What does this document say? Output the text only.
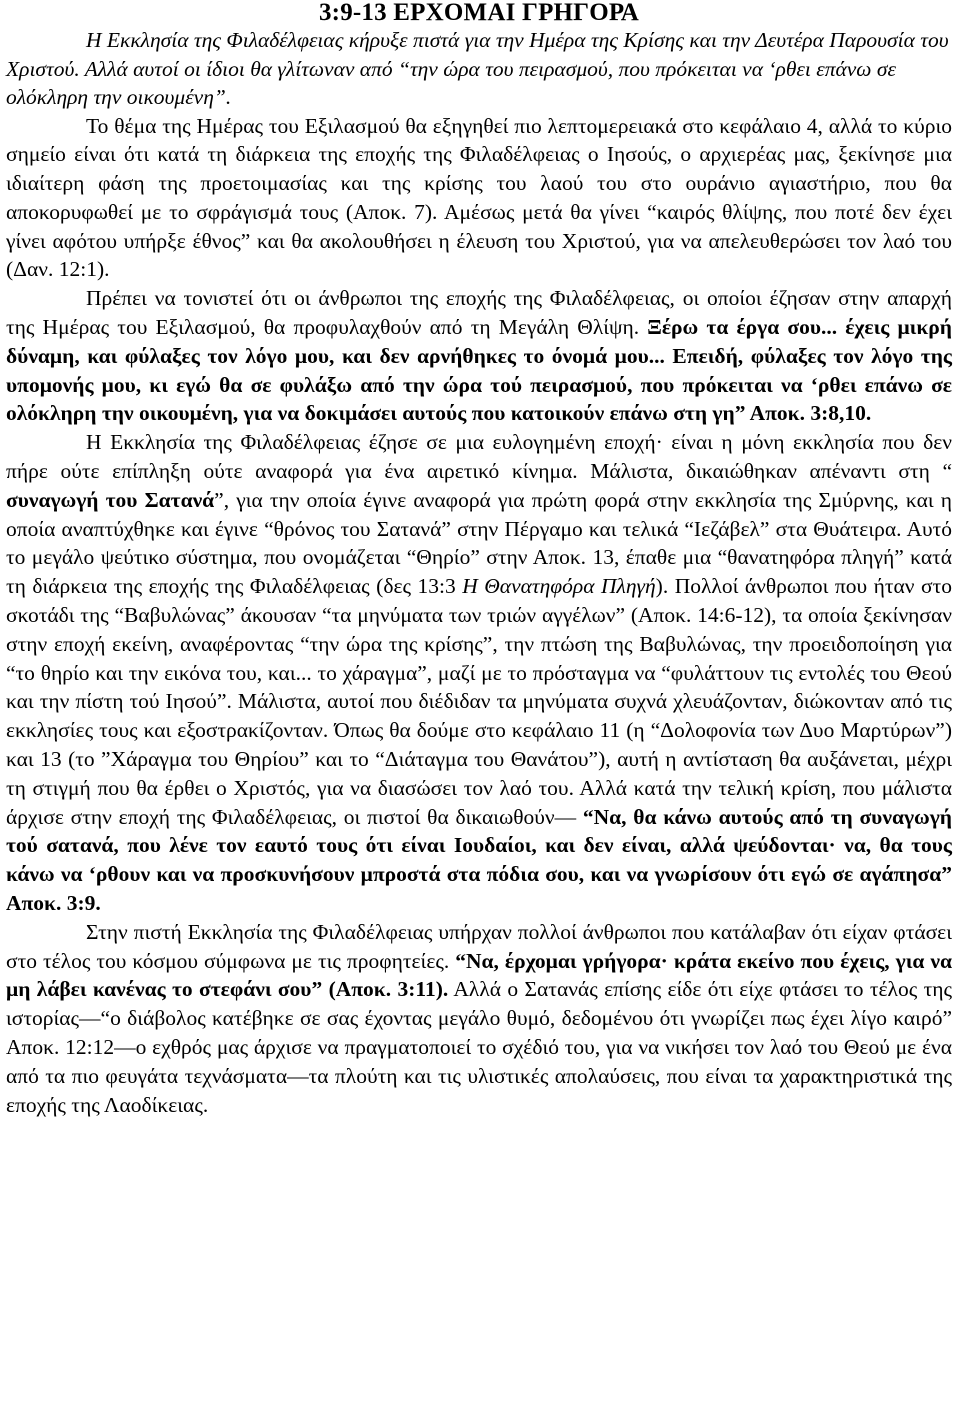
3:9-13 ΕΡΧΟΜΑΙ ΓΡΗΓΟΡΑ

Η Εκκλησία της Φιλαδέλφειας κήρυξε πιστά για την Ημέρα της Κρίσης και την Δευτέρα Παρουσία του Χριστού. Αλλά αυτοί οι ίδιοι θα γλίτωναν από “την ώρα του πειρασμού, που πρόκειται να ‘ρθει επάνω σε ολόκληρη την οικουμένη”.

Το θέμα της Ημέρας του Εξιλασμού θα εξηγηθεί πιο λεπτομερειακά στο κεφάλαιο 4, αλλά το κύριο σημείο είναι ότι κατά τη διάρκεια της εποχής της Φιλαδέλφειας ο Ιησούς, ο αρχιερέας μας, ξεκίνησε μια ιδιαίτερη φάση της προετοιμασίας και της κρίσης του λαού του στο ουράνιο αγιαστήριο, που θα αποκορυφωθεί με το σφράγισμά τους (Αποκ. 7). Αμέσως μετά θα γίνει “καιρός θλίψης, που ποτέ δεν έχει γίνει αφότου υπήρξε έθνος” και θα ακολουθήσει η έλευση του Χριστού, για να απελευθερώσει τον λαό του (Δαν. 12:1).

Πρέπει να τονιστεί ότι οι άνθρωποι της εποχής της Φιλαδέλφειας, οι οποίοι έζησαν στην απαρχή της Ημέρας του Εξιλασμού, θα προφυλαχθούν από τη Μεγάλη Θλίψη. Ξέρω τα έργα σου... έχεις μικρή δύναμη, και φύλαξες τον λόγο μου, και δεν αρνήθηκες το όνομά μου... Επειδή, φύλαξες τον λόγο της υπομονής μου, κι εγώ θα σε φυλάξω από την ώρα τού πειρασμού, που πρόκειται να ‘ρθει επάνω σε ολόκληρη την οικουμένη, για να δοκιμάσει αυτούς που κατοικούν επάνω στη γη” Αποκ. 3:8,10.

Η Εκκλησία της Φιλαδέλφειας έζησε σε μια ευλογημένη εποχή· είναι η μόνη εκκλησία που δεν πήρε ούτε επίπληξη ούτε αναφορά για ένα αιρετικό κίνημα. Μάλιστα, δικαιώθηκαν απέναντι στη “ συναγωγή του Σατανά”, για την οποία έγινε αναφορά για πρώτη φορά στην εκκλησία της Σμύρνης, και η οποία αναπτύχθηκε και έγινε “θρόνος του Σατανά” στην Πέργαμο και τελικά “Ιεζάβελ” στα Θυάτειρα. Αυτό το μεγάλο ψεύτικο σύστημα, που ονομάζεται “Θηρίο” στην Αποκ. 13, έπαθε μια “θανατηφόρα πληγή” κατά τη διάρκεια της εποχής της Φιλαδέλφειας (δες 13:3 Η Θανατηφόρα Πληγή). Πολλοί άνθρωποι που ήταν στο σκοτάδι της “Βαβυλώνας” άκουσαν “τα μηνύματα των τριών αγγέλων” (Αποκ. 14:6-12), τα οποία ξεκίνησαν στην εποχή εκείνη, αναφέροντας “την ώρα της κρίσης”, την πτώση της Βαβυλώνας, την προειδοποίηση για “το θηρίο και την εικόνα του, και... το χάραγμα”, μαζί με το πρόσταγμα να “φυλάττουν τις εντολές του Θεού και την πίστη τού Ιησού”. Μάλιστα, αυτοί που διέδιδαν τα μηνύματα συχνά χλευάζονταν, διώκονταν από τις εκκλησίες τους και εξοστρακίζονταν. Όπως θα δούμε στο κεφάλαιο 11 (η “Δολοφονία των Δυο Μαρτύρων”) και 13 (το ”Χάραγμα του Θηρίου” και το “Διάταγμα του Θανάτου”), αυτή η αντίσταση θα αυξάνεται, μέχρι τη στιγμή που θα έρθει ο Χριστός, για να διασώσει τον λαό του. Αλλά κατά την τελική κρίση, που μάλιστα άρχισε στην εποχή της Φιλαδέλφειας, οι πιστοί θα δικαιωθούν— “Να, θα κάνω αυτούς από τη συναγωγή τού σατανά, που λένε τον εαυτό τους ότι είναι Ιουδαίοι, και δεν είναι, αλλά ψεύδονται· να, θα τους κάνω να ‘ρθουν και να προσκυνήσουν μπροστά στα πόδια σου, και να γνωρίσουν ότι εγώ σε αγάπησα” Αποκ. 3:9.

Στην πιστή Εκκλησία της Φιλαδέλφειας υπήρχαν πολλοί άνθρωποι που κατάλαβαν ότι είχαν φτάσει στο τέλος του κόσμου σύμφωνα με τις προφητείες. “Να, έρχομαι γρήγορα· κράτα εκείνο που έχεις, για να μη λάβει κανένας το στεφάνι σου” (Αποκ. 3:11). Αλλά ο Σατανάς επίσης είδε ότι είχε φτάσει το τέλος της ιστορίας—“ο διάβολος κατέβηκε σε σας έχοντας μεγάλο θυμό, δεδομένου ότι γνωρίζει πως έχει λίγο καιρό” Αποκ. 12:12—ο εχθρός μας άρχισε να πραγματοποιεί το σχέδιό του, για να νικήσει τον λαό του Θεού με ένα από τα πιο φευγάτα τεχνάσματα—τα πλούτη και τις υλιστικές απολαύσεις, που είναι τα χαρακτηριστικά της εποχής της Λαοδίκειας.
